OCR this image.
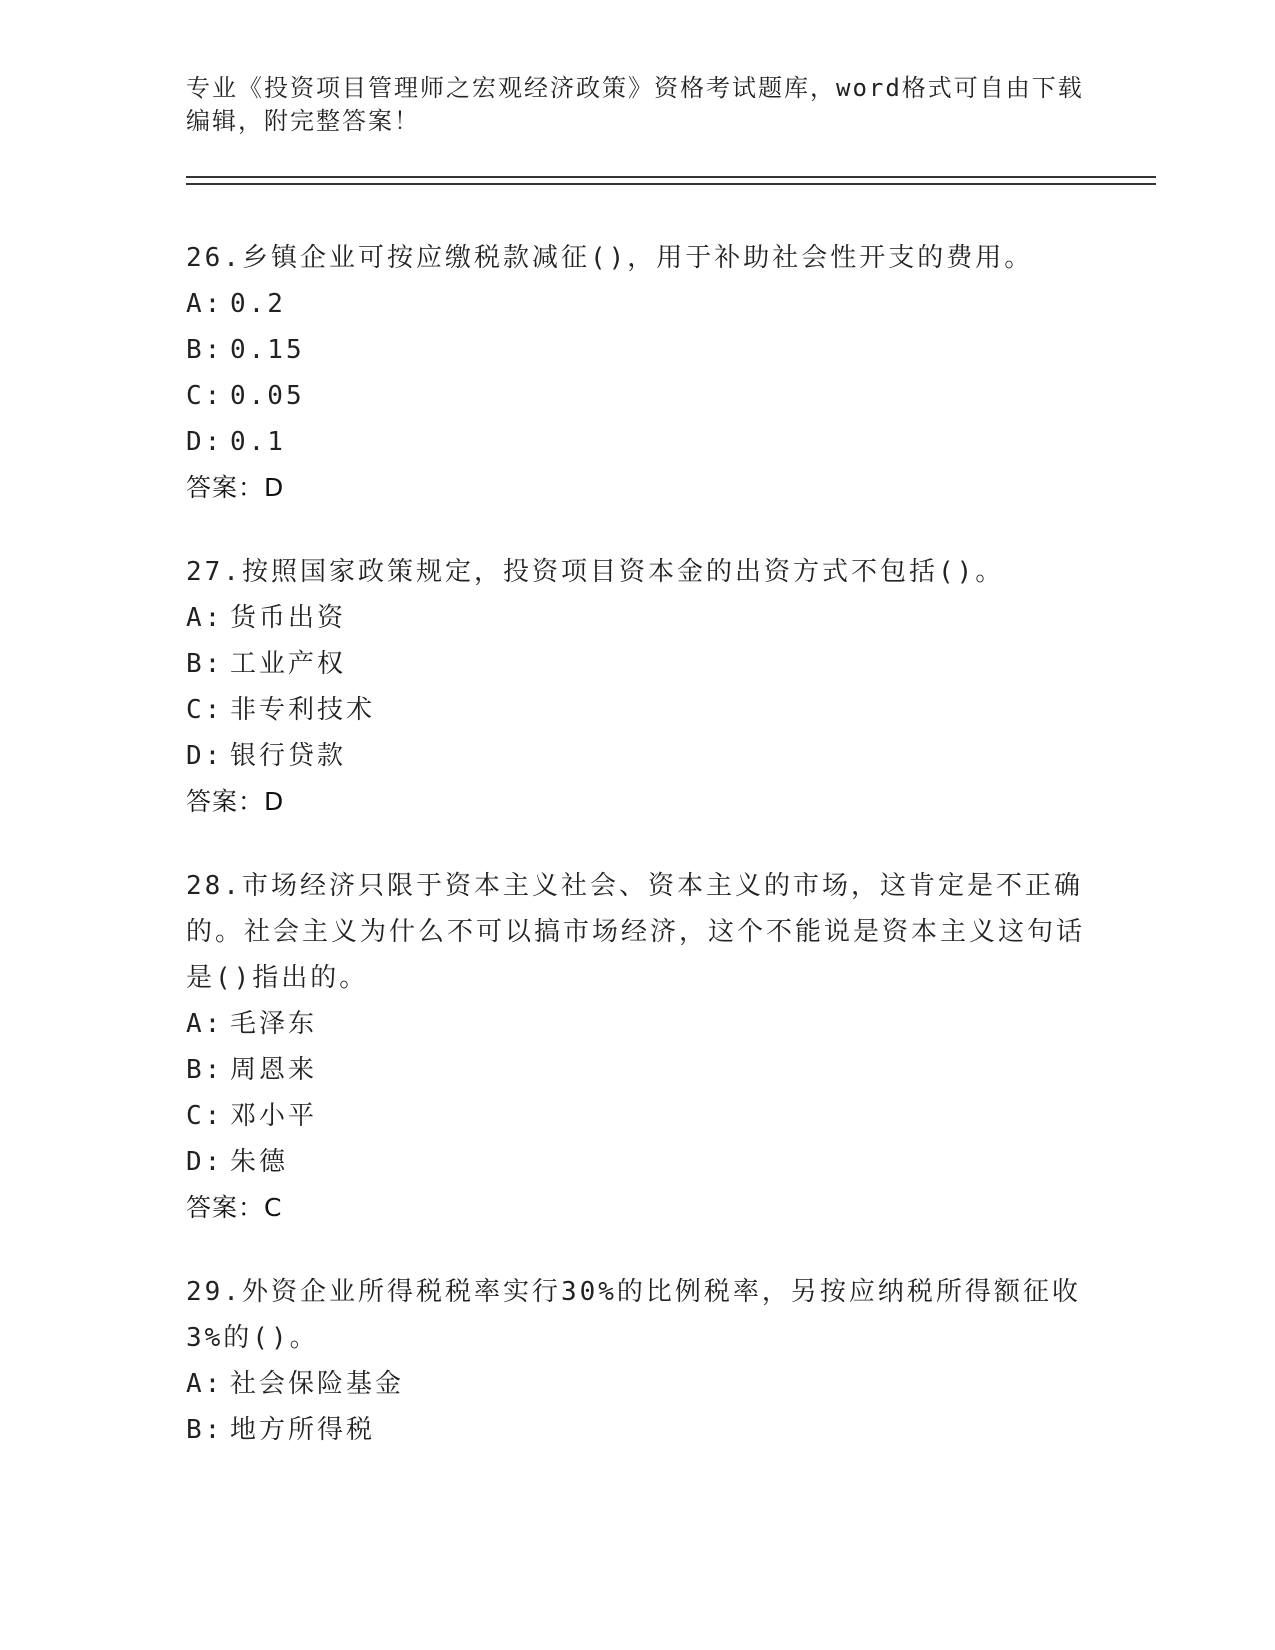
专业《投资项目管理师之宏观经济政策》资格考试题库，word格式可自由下载编辑，附完整答案！
26.乡镇企业可按应缴税款减征()，用于补助社会性开支的费用。
A: 0.2
B: 0.15
C: 0.05
D: 0.1
答案：D
27.按照国家政策规定，投资项目资本金的出资方式不包括()。
A: 货币出资
B: 工业产权
C: 非专利技术
D: 银行贷款
答案：D
28.市场经济只限于资本主义社会、资本主义的市场，这肯定是不正确的。社会主义为什么不可以搞市场经济，这个不能说是资本主义这句话是()指出的。
A: 毛泽东
B: 周恩来
C: 邓小平
D: 朱德
答案：C
29.外资企业所得税税率实行30%的比例税率，另按应纳税所得额征收3%的()。
A: 社会保险基金
B: 地方所得税
